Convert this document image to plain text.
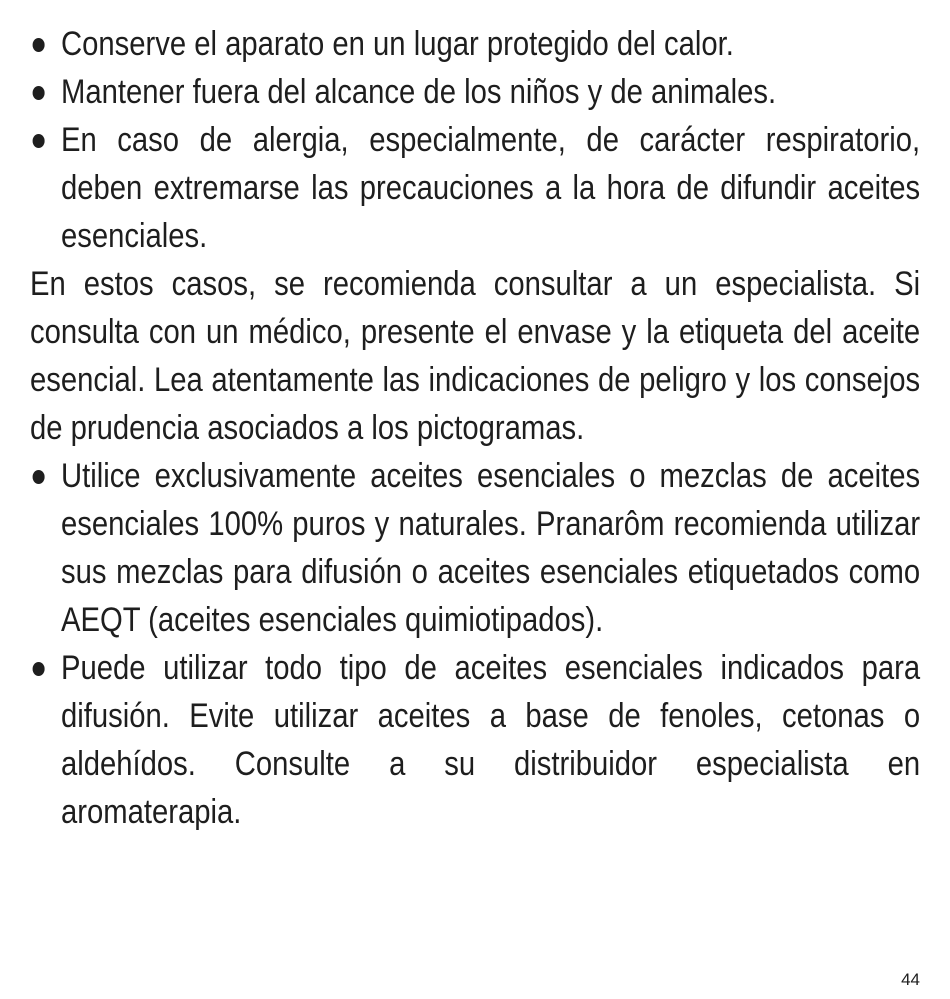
Conserve el aparato en un lugar protegido del calor.
Mantener fuera del alcance de los niños y de animales.
En caso de alergia, especialmente, de carácter respiratorio, deben extremarse las precauciones a la hora de difundir aceites esenciales.
En estos casos, se recomienda consultar a un especialista. Si consulta con un médico, presente el envase y la etiqueta del aceite esencial. Lea atentamente las indicaciones de peligro y los consejos de prudencia asociados a los pictogramas.
Utilice exclusivamente aceites esenciales o mezclas de aceites esenciales 100% puros y naturales. Pranarôm recomienda utilizar sus mezclas para difusión o aceites esenciales etiquetados como AEQT (aceites esenciales quimiotipados).
Puede utilizar todo tipo de aceites esenciales indicados para difusión. Evite utilizar aceites a base de fenoles, cetonas o aldehídos. Consulte a su distribuidor especialista en aromaterapia.
44
